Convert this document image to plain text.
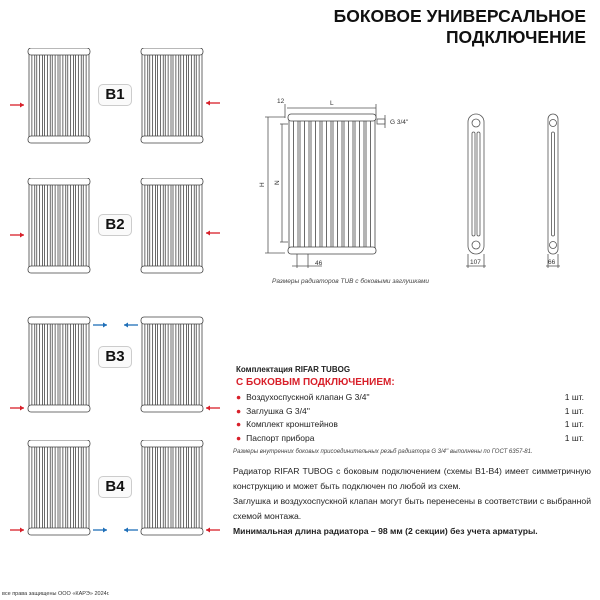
БОКОВОЕ УНИВЕРСАЛЬНОЕ
ПОДКЛЮЧЕНИЕ
B1
B2
B3
B4
12	L
G 3/4''
H N
46	107	66
Размеры радиаторов TUB с боковыми заглушками
Комплектация RIFAR TUBOG
С БОКОВЫМ ПОДКЛЮЧЕНИЕМ:
● Воздухоспускной клапан G 3/4''	1 шт.
● Заглушка G 3/4''	1 шт.
● Комплект кронштейнов	1 шт.
● Паспорт прибора	1 шт.
Размеры внутренних боковых присоединительных резьб радиатора G 3/4'' выполнены по ГОСТ 6357-81.
Радиатор RIFAR TUBOG с боковым подключением (схемы B1-B4) имеет симметричную конструкцию и может быть подключен по любой из схем.
Заглушка и воздухоспускной клапан могут быть перенесены в соответствии с выбранной схемой монтажа.
Минимальная длина радиатора – 98 мм (2 секции) без учета арматуры.
все права защищены ООО «КАРЭ» 2024г.
